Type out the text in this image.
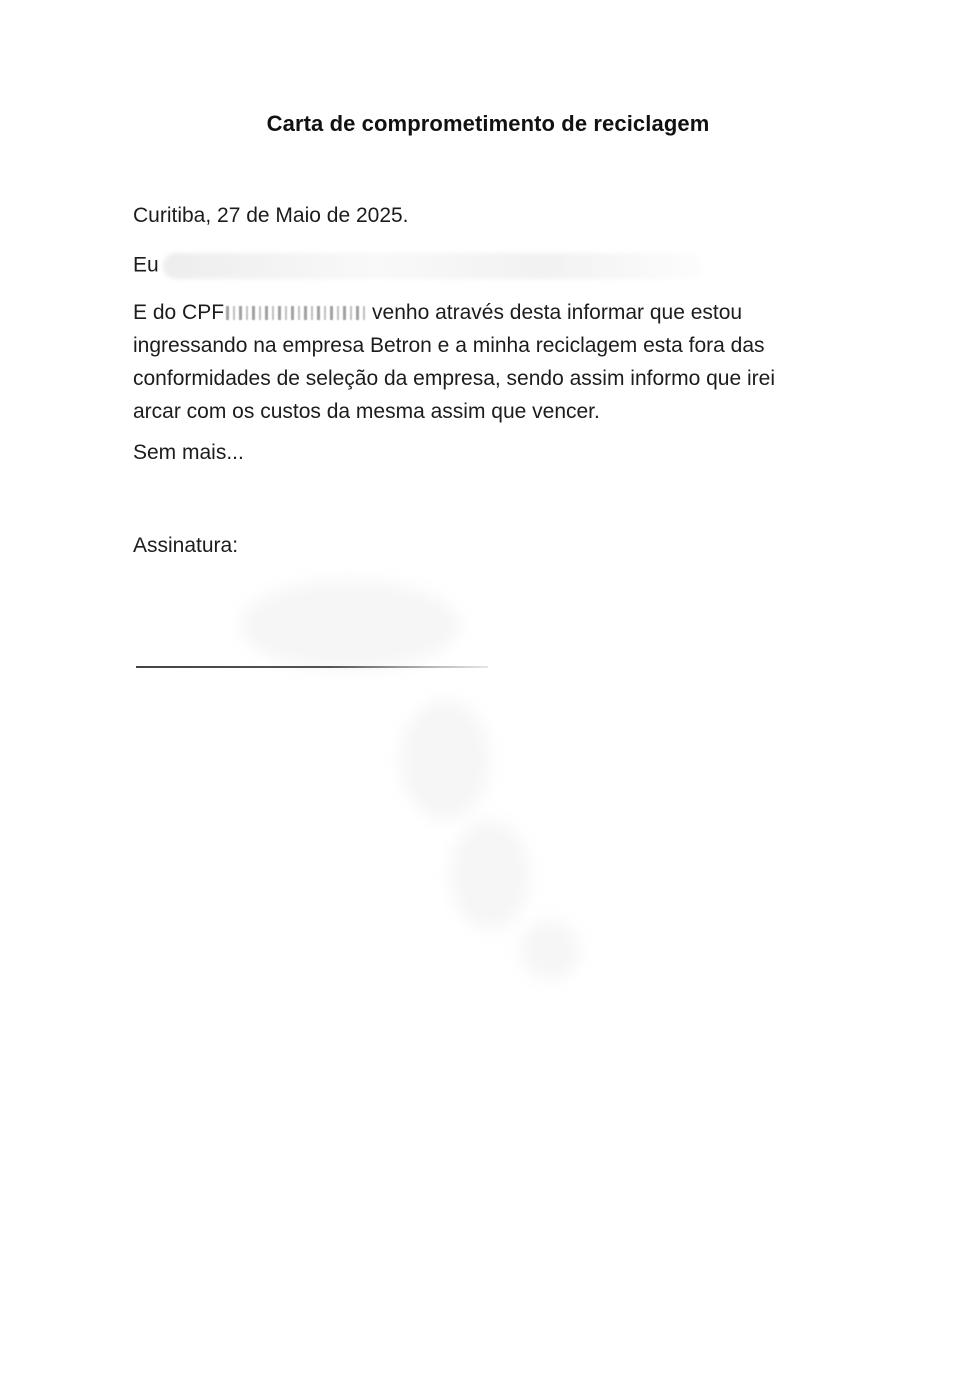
Carta de comprometimento de reciclagem
Curitiba, 27 de Maio de 2025.
Eu
E do CPF	venho através desta informar que estou
ingressando na empresa Betron e a minha reciclagem esta fora das
conformidades de seleção da empresa, sendo assim informo que irei
arcar com os custos da mesma assim que vencer.
Sem mais...
Assinatura:
